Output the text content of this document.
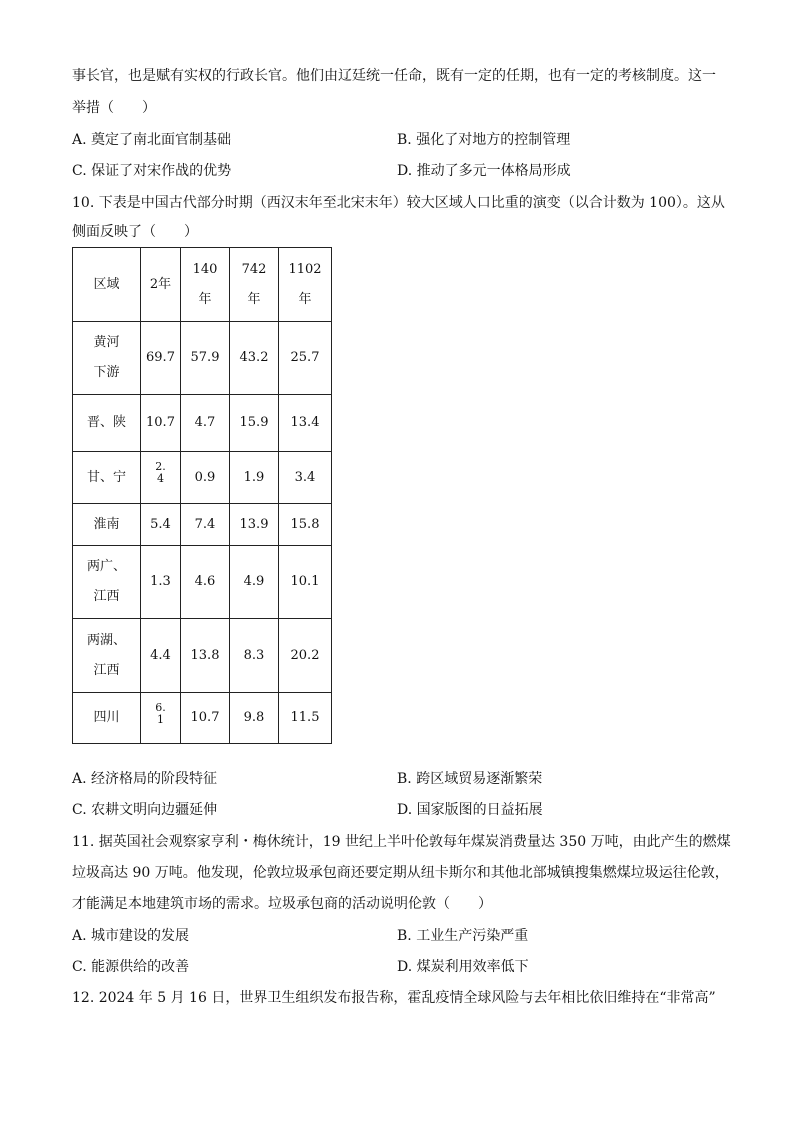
事长官，也是赋有实权的行政长官。他们由辽廷统一任命，既有一定的任期，也有一定的考核制度。这一
举措（　　）
A. 奠定了南北面官制基础	B. 强化了对地方的控制管理
C. 保证了对宋作战的优势	D. 推动了多元一体格局形成
10. 下表是中国古代部分时期（西汉末年至北宋末年）较大区域人口比重的演变（以合计数为 100）。这从
侧面反映了（　　）
区域	2年	140年	742年	1102年
黄河下游	69.7	57.9	43.2	25.7
晋、陕	10.7	4.7	15.9	13.4
甘、宁	2.4	0.9	1.9	3.4
淮南	5.4	7.4	13.9	15.8
两广、江西	1.3	4.6	4.9	10.1
两湖、江西	4.4	13.8	8.3	20.2
四川	6.1	10.7	9.8	11.5
A. 经济格局的阶段特征	B. 跨区域贸易逐渐繁荣
C. 农耕文明向边疆延伸	D. 国家版图的日益拓展
11. 据英国社会观察家亨利・梅休统计，19 世纪上半叶伦敦每年煤炭消费量达 350 万吨，由此产生的燃煤
垃圾高达 90 万吨。他发现，伦敦垃圾承包商还要定期从纽卡斯尔和其他北部城镇搜集燃煤垃圾运往伦敦，
才能满足本地建筑市场的需求。垃圾承包商的活动说明伦敦（　　）
A. 城市建设的发展	B. 工业生产污染严重
C. 能源供给的改善	D. 煤炭利用效率低下
12. 2024 年 5 月 16 日，世界卫生组织发布报告称，霍乱疫情全球风险与去年相比依旧维持在“非常高”
